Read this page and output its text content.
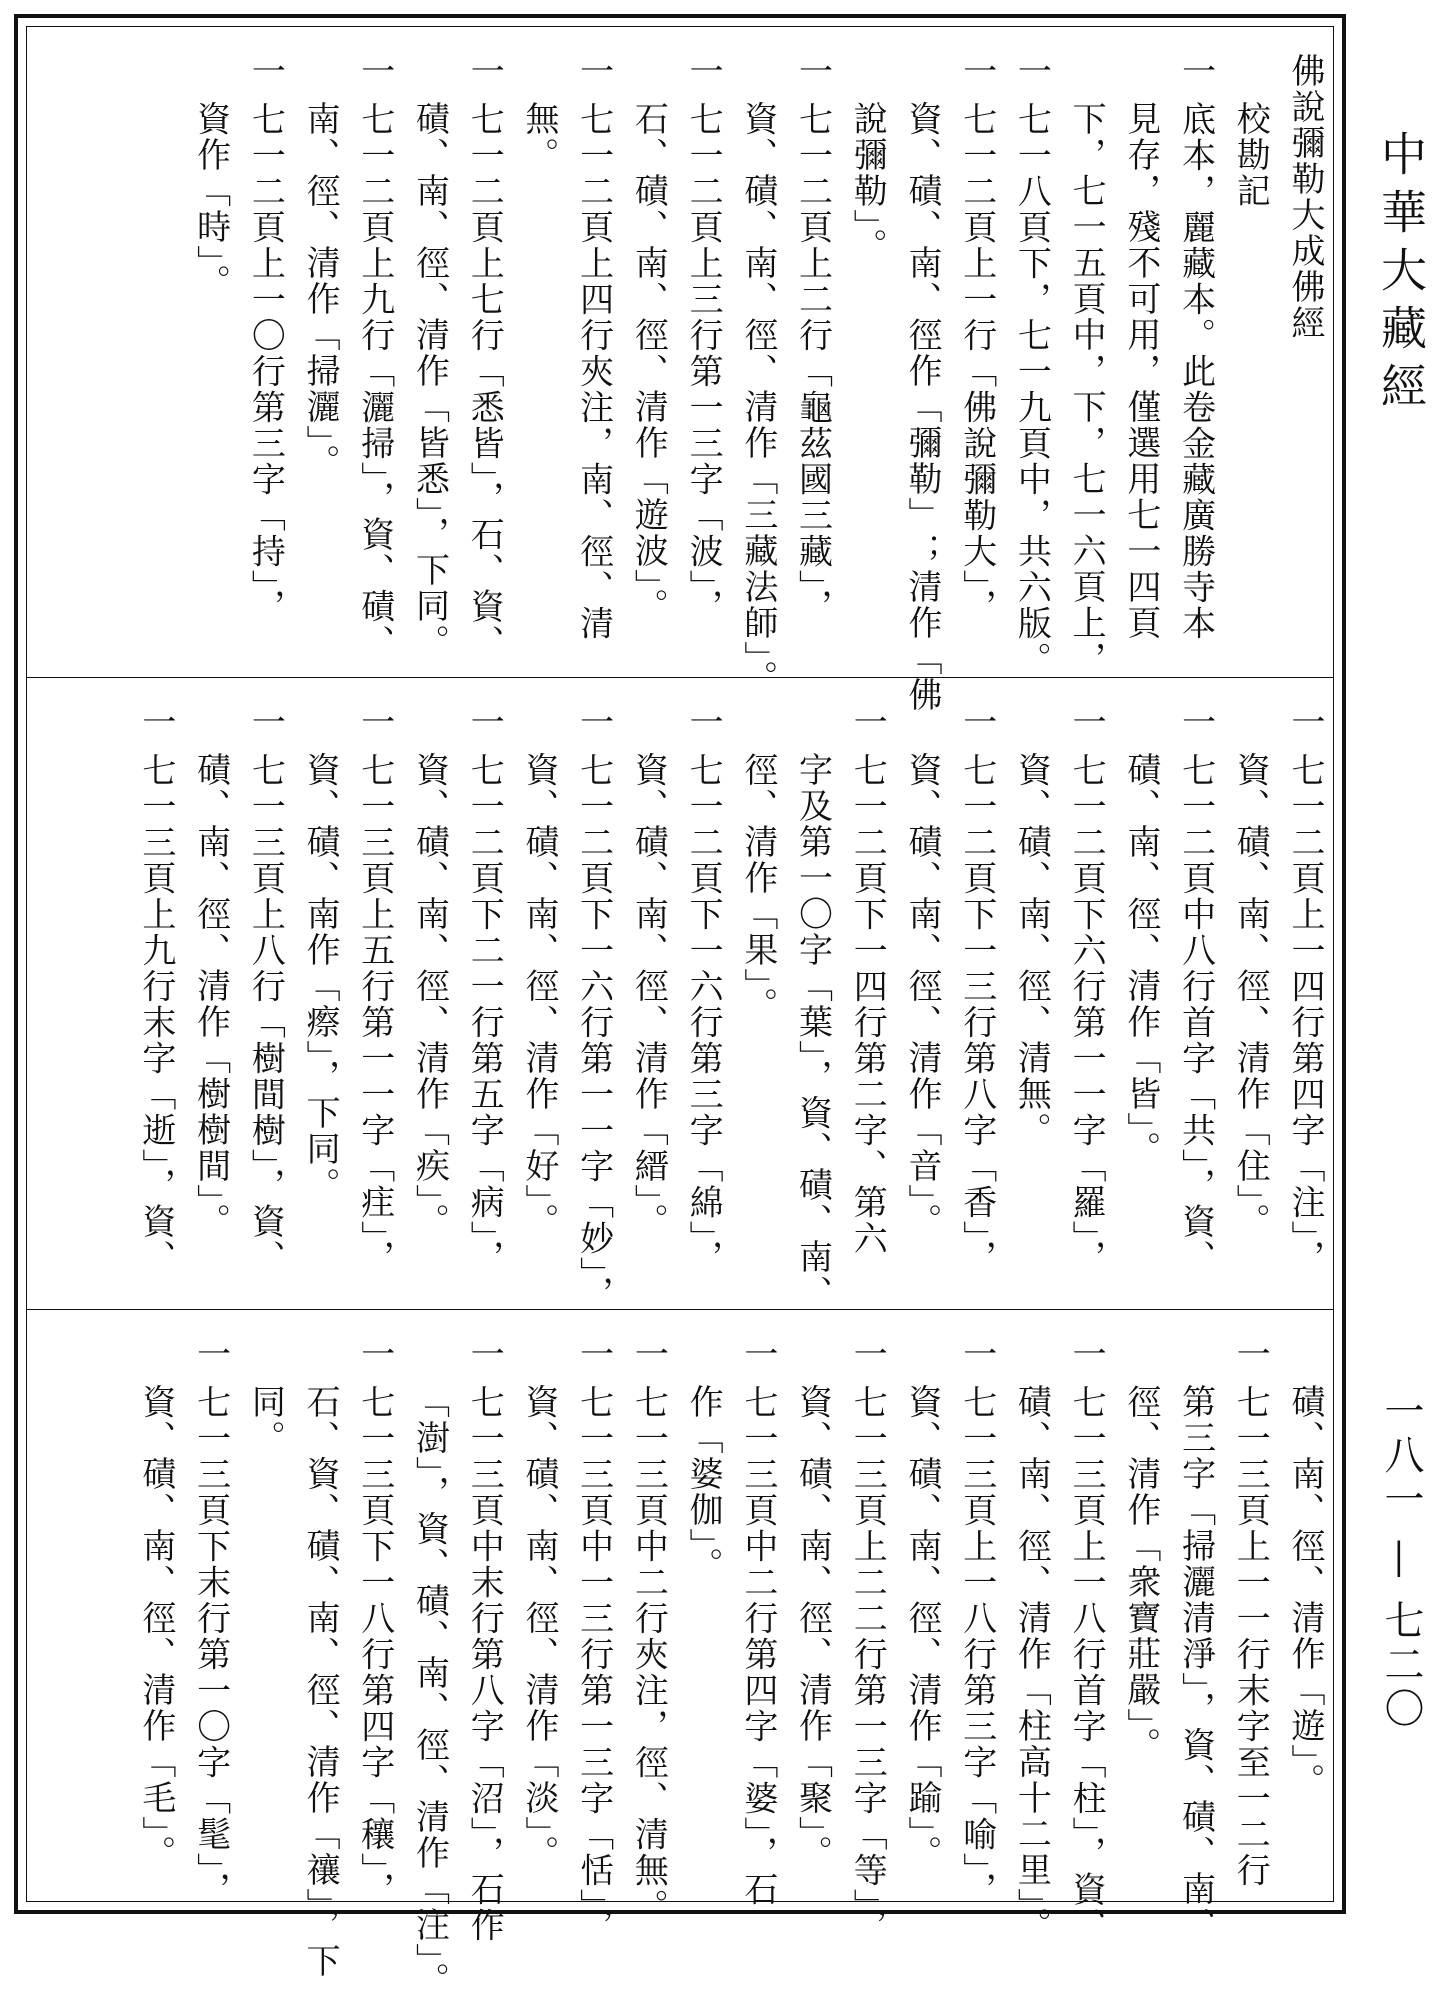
佛說彌勒大成佛經
校勘記
一 底本，麗藏本。此卷金藏廣勝寺本
見存，殘不可用，僅選用七一四頁
下，七一五頁中，下，七一六頁上，
一 七一八頁下，七一九頁中，共六版。
一 七一二頁上一行「佛說彌勒大」，
資、磧、南、徑作「彌勒」；清作「佛
說彌勒」。
一 七一二頁上二行「龜茲國三藏」，
資、磧、南、徑、清作「三藏法師」。
一 七一二頁上三行第一三字「波」，
石、磧、南、徑、清作「遊波」。
一 七一二頁上四行夾注，南、徑、清
無。
一 七一二頁上七行「悉皆」，石、資、
磧、南、徑、清作「皆悉」，下同。
一 七一二頁上九行「灑掃」，資、磧、
南、徑、清作「掃灑」。
一 七一二頁上一〇行第三字「持」，
資作「時」。
一 七一二頁上一四行第四字「注」，
資、磧、南、徑、清作「住」。
一 七一二頁中八行首字「共」，資、
磧、南、徑、清作「皆」。
一 七一二頁下六行第一一字「羅」，
資、磧、南、徑、清無。
一 七一二頁下一三行第八字「香」，
資、磧、南、徑、清作「音」。
一 七一二頁下一四行第二字、第六
字及第一〇字「葉」，資、磧、南、
徑、清作「果」。
一 七一二頁下一六行第三字「綿」，
資、磧、南、徑、清作「縉」。
一 七一二頁下一六行第一一字「妙」，
資、磧、南、徑、清作「好」。
一 七一二頁下二一行第五字「病」，
資、磧、南、徑、清作「疾」。
一 七一三頁上五行第一一字「疰」，
資、磧、南作「瘵」，下同。
一 七一三頁上八行「樹間樹」，資、
磧、南、徑、清作「樹樹間」。
一 七一三頁上九行末字「逝」，資、
磧、南、徑、清作「遊」。
一 七一三頁上一一行末字至一二行
第三字「掃灑清淨」，資、磧、南、
徑、清作「衆寶莊嚴」。
一 七一三頁上一八行首字「柱」，資、
磧、南、徑、清作「柱高十二里」。
一 七一三頁上一八行第三字「喻」，
資、磧、南、徑、清作「踰」。
一 七一三頁上二二行第一三字「等」，
資、磧、南、徑、清作「聚」。
一 七一三頁中二行第四字「婆」，石
作「婆伽」。
一 七一三頁中二行夾注，徑、清無。
一 七一三頁中一三行第一三字「恬」，
資、磧、南、徑、清作「淡」。
一 七一三頁中末行第八字「沼」，石作
「澍」，資、磧、南、徑、清作「注」。
一 七一三頁下一八行第四字「穰」，
石、資、磧、南、徑、清作「禳」，下
同。
一 七一三頁下末行第一〇字「髦」，
資、磧、南、徑、清作「毛」。
中華大藏經
一八一 — 七二〇
